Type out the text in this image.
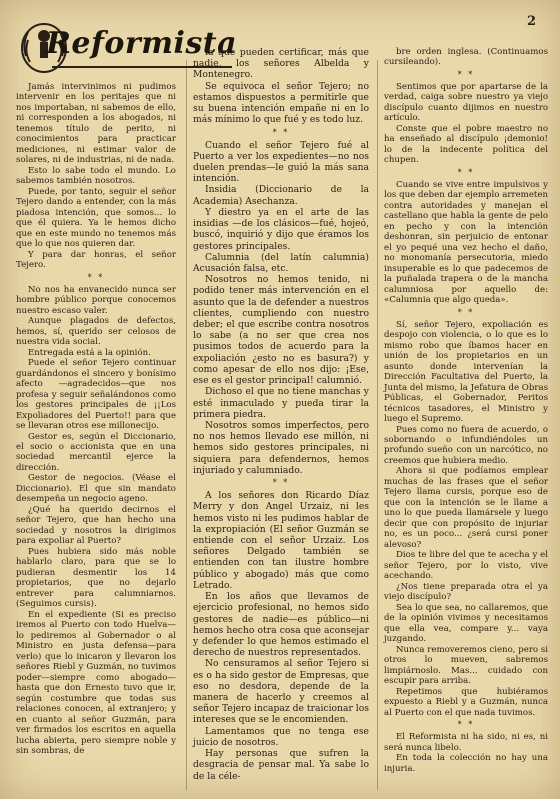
Reformista
2

Jamás intervinimos ni pudimos intervenir en los peritajes que ni nos importaban, ni sabemos de ello, ni corresponden a los abogados, ni tenemos título de perito, ni conocimientos para practicar mediciones, ni estimar valor de solares, ni de industrias, ni de nada.

Esto lo sabe todo el mundo. Lo sabemos también nosotros.

Puede, por tanto, seguir el señor Tejero dando a entender, con la más piadosa intención, que somos... lo que él quiera. Ya le hemos dicho que en este mundo no tenemos más que lo que nos quieren dar.

Y para dar honras, el señor Tejero.

* *

No nos ha envanecido nunca ser hombre público porque conocemos nuestro escaso valer.

Aunque plagados de defectos, hemos, sí, querido ser celosos de nuestra vida social.

Entregada está a la opinión.

Puede el señor Tejero continuar guardándonos el sincero y bonísimo afecto —agradecidos—que nos profesa y seguir señalándonos como los gestores principales de ¡¡Los Expoliadores del Puerto!! para que se llevaran otros ese millonecijo.

Gestor es, según el Diccionario, el socio o accionista que en una sociedad mercantil ejerce la dirección.

Gestor de negocios. (Véase el Diccionario). El que sin mandato desempeña un negocio ageno.

¿Qué ha querido decirnos el señor Tejero, que han hecho una sociedad y nosotros la dirigimos para expoliar al Puerto?

Pues hubiera sido más noble hablarlo claro, para que se lo pudieran desmentir los 14 propietarios, que no dejarlo entrever para calumniarnos. (Seguimos cursis).

En el expediente (Si es preciso iremos al Puerto con todo Huelva—lo pediremos al Gobernador o al Ministro en justa defensa—para verlo) que lo inicaron y llevaron los señores Riebl y Guzmán, no tuvimos poder—siempre como abogado—hasta que don Ernesto tuvo que ir, según costumbre que todas sus relaciones conocen, al extranjero; y en cuanto al señor Guzmán, para ver firmados los escritos en aquella lucha abierta, pero siempre noble y sin sombras, de

la que pueden certificar, más que nadie, los señores Albelda y Montenegro.

Se equivoca el señor Tejero; no estamos dispuestos a permitirle que su buena intención empañe ni en lo más mínimo lo que fué y es todo luz.

* *

Cuando el señor Tejero fué al Puerto a ver los expedientes—no nos duelen prendas—le guió la más sana intención.

Insidia (Diccionario de la Academia) Asechanza.

Y diestro ya en el arte de las insidias —de los clásicos—fué, hojeó, buscó, inquirió y dijo que éramos los gestores principales.

Calumnia (del latín calumnia) Acusación falsa, etc.

Nosotros no hemos tenido, ni podido tener más intervención en el asunto que la de defender a nuestros clientes, cumpliendo con nuestro deber; el que escribe contra nosotros lo sabe (a no ser que crea nos pusimos todos de acuerdo para la expoliación ¿esto no es basura?) y como apesar de ello nos dijo: ¡Ese, ese es el gestor principal! calumnió.

Dichoso el que no tiene manchas y esté inmaculado y pueda tirar la primera piedra.

Nosotros somos imperfectos, pero no nos hemos llevado ese millón, ni hemos sido gestores principales, ni siquiera para defendernos, hemos injuriado y calumniado.

* *

A los señores don Ricardo Díaz Merry y don Angel Urzaiz, ni les hemos visto ni les pudimos hablar de la expropiación (El señor Guzmán se entiende con el señor Urzaiz. Los señores Delgado también se entienden con tan ilustre hombre público y abogado) más que como Letrado.

En los años que llevamos de ejercicio profesional, no hemos sido gestores de nadie—es público—ni hemos hecho otra cosa que aconsejar y defender lo que hemos estimado el derecho de nuestros representados.

No censuramos al señor Tejero si es o ha sido gestor de Empresas, que eso no desdora, depende de la manera de hacerlo y creemos al señor Tejero incapaz de traicionar los intereses que se le encomienden.

Lamentamos que no tenga ese juicio de nosotros.

Hay personas que sufren la desgracia de pensar mal. Ya sabe lo de la céle-

bre orden inglesa. (Continuamos cursileando).

* *

Sentimos que por apartarse de la verdad, caiga sobre nuestro ya viejo discípulo cuanto dijimos en nuestro artículo.

Conste que el pobre maestro no ha enseñado al discípulo ¡demonio! lo de la indecente política del chupen.

* *

Cuando se vive entre impulsivos y los que deben dar ejemplo arremeten contra autoridades y manejan el castellano que habla la gente de pelo en pecho y con la intención deshonran, sin perjuicio de entonar el yo pequé una vez hecho el daño, no monomanía persecutoria, miedo insuperable es lo que padecemos de la puñalada trapera o de la mancha calumniosa por aquello de: «Calumnia que algo queda».

* *

Sí, señor Tejero, expoliación es despojo con violencia, o lo que es lo mismo robo que íbamos hacer en unión de los propietarios en un asunto donde intervenían la Dirección Facultativa del Puerto, la Junta del mismo, la Jefatura de Obras Públicas, el Gobernador, Peritos técnicos tasadores, el Ministro y luego el Supremo.

Pues como no fuera de acuerdo, o sobornando o infundiéndoles un profundo sueño con un narcótico, no creemos que hubiera medio.

Ahora si que podíamos emplear muchas de las frases que el señor Tejero llama cursis, porque eso de que con la intención se le llame a uno lo que pueda llamársele y luego decir que con propósito de injuriar no, es un poco... ¿será cursi poner alevoso?

Dios te libre del que te acecha y el señor Tejero, por lo visto, vive acechando.

¿Nos tiene preparada otra el ya viejo discípulo?

Sea lo que sea, no callaremos, que de la opinión vivimos y necesitamos que ella vea, compare y... vaya juzgando.

Nunca removeremos cieno, pero si otros lo mueven, sabremos limpiárnoslo. Mas... cuidado con escupir para arriba.

Repetimos que hubiéramos expuesto a Riebl y a Guzmán, nunca al Puerto con el que nada tuvimos.

* *

El Reformista ni ha sido, ni es, ni será nunca libelo.

En toda la colección no hay una injuria.
